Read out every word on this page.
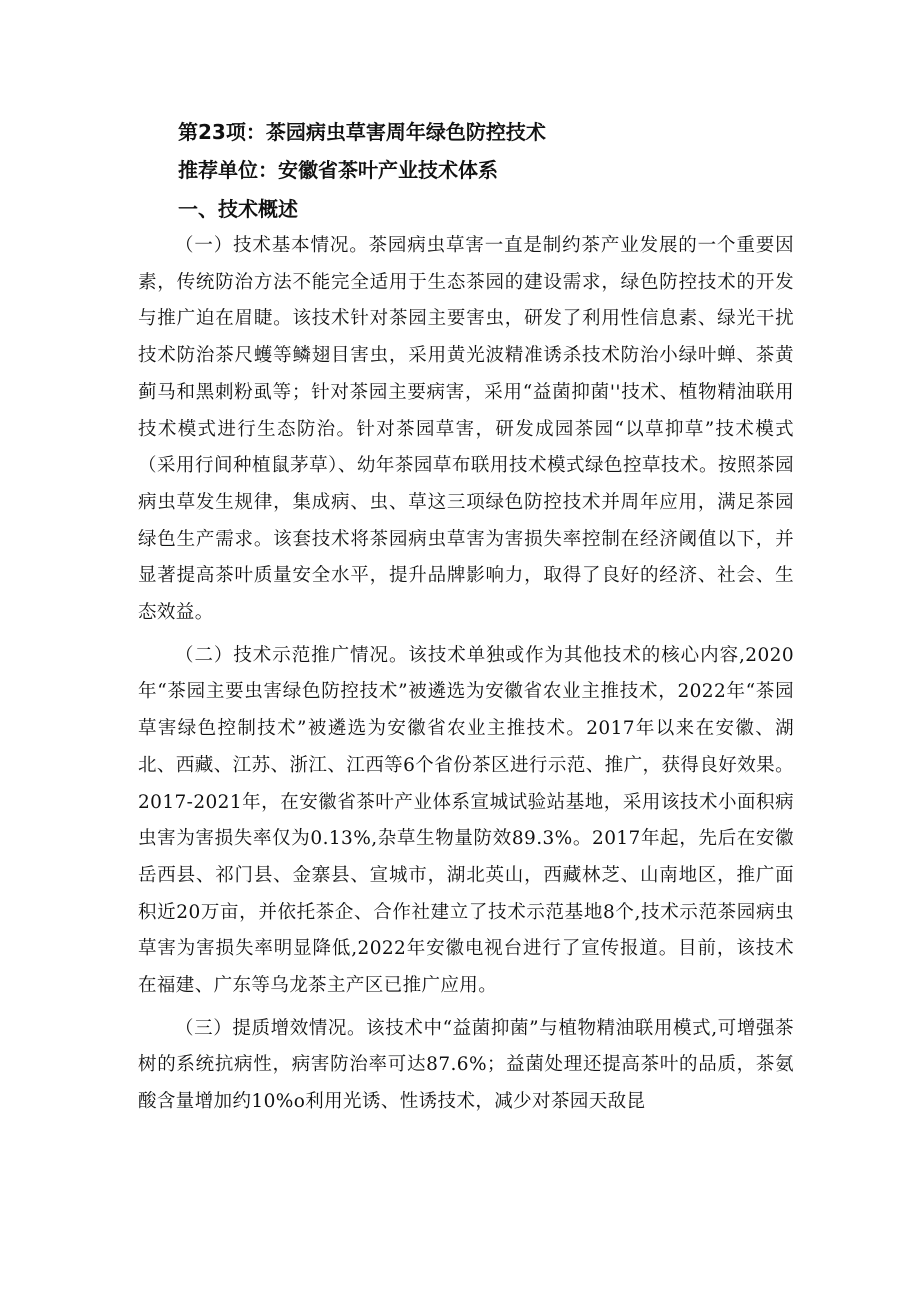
第23项：茶园病虫草害周年绿色防控技术
推荐单位：安徽省茶叶产业技术体系
一、技术概述

（一）技术基本情况。茶园病虫草害一直是制约茶产业发展的一个重要因素，传统防治方法不能完全适用于生态茶园的建设需求，绿色防控技术的开发与推广迫在眉睫。该技术针对茶园主要害虫，研发了利用性信息素、绿光干扰技术防治茶尺蠖等鳞翅目害虫，采用黄光波精准诱杀技术防治小绿叶蝉、茶黄蓟马和黑刺粉虱等；针对茶园主要病害，采用“益菌抑菌''技术、植物精油联用技术模式进行生态防治。针对茶园草害，研发成园茶园“以草抑草”技术模式（采用行间种植鼠茅草）、幼年茶园草布联用技术模式绿色控草技术。按照茶园病虫草发生规律，集成病、虫、草这三项绿色防控技术并周年应用，满足茶园绿色生产需求。该套技术将茶园病虫草害为害损失率控制在经济阈值以下，并显著提高茶叶质量安全水平，提升品牌影响力，取得了良好的经济、社会、生态效益。

（二）技术示范推广情况。该技术单独或作为其他技术的核心内容,2020年“茶园主要虫害绿色防控技术”被遴选为安徽省农业主推技术，2022年“茶园草害绿色控制技术”被遴选为安徽省农业主推技术。2017年以来在安徽、湖北、西藏、江苏、浙江、江西等6个省份茶区进行示范、推广，获得良好效果。2017-2021年，在安徽省茶叶产业体系宣城试验站基地，采用该技术小面积病虫害为害损失率仅为0.13%,杂草生物量防效89.3%。2017年起，先后在安徽岳西县、祁门县、金寨县、宣城市，湖北英山，西藏林芝、山南地区，推广面积近20万亩，并依托茶企、合作社建立了技术示范基地8个,技术示范茶园病虫草害为害损失率明显降低,2022年安徽电视台进行了宣传报道。目前，该技术在福建、广东等乌龙茶主产区已推广应用。

（三）提质增效情况。该技术中“益菌抑菌”与植物精油联用模式,可增强茶树的系统抗病性，病害防治率可达87.6%；益菌处理还提高茶叶的品质，茶氨酸含量增加约10%o利用光诱、性诱技术，减少对茶园天敌昆
